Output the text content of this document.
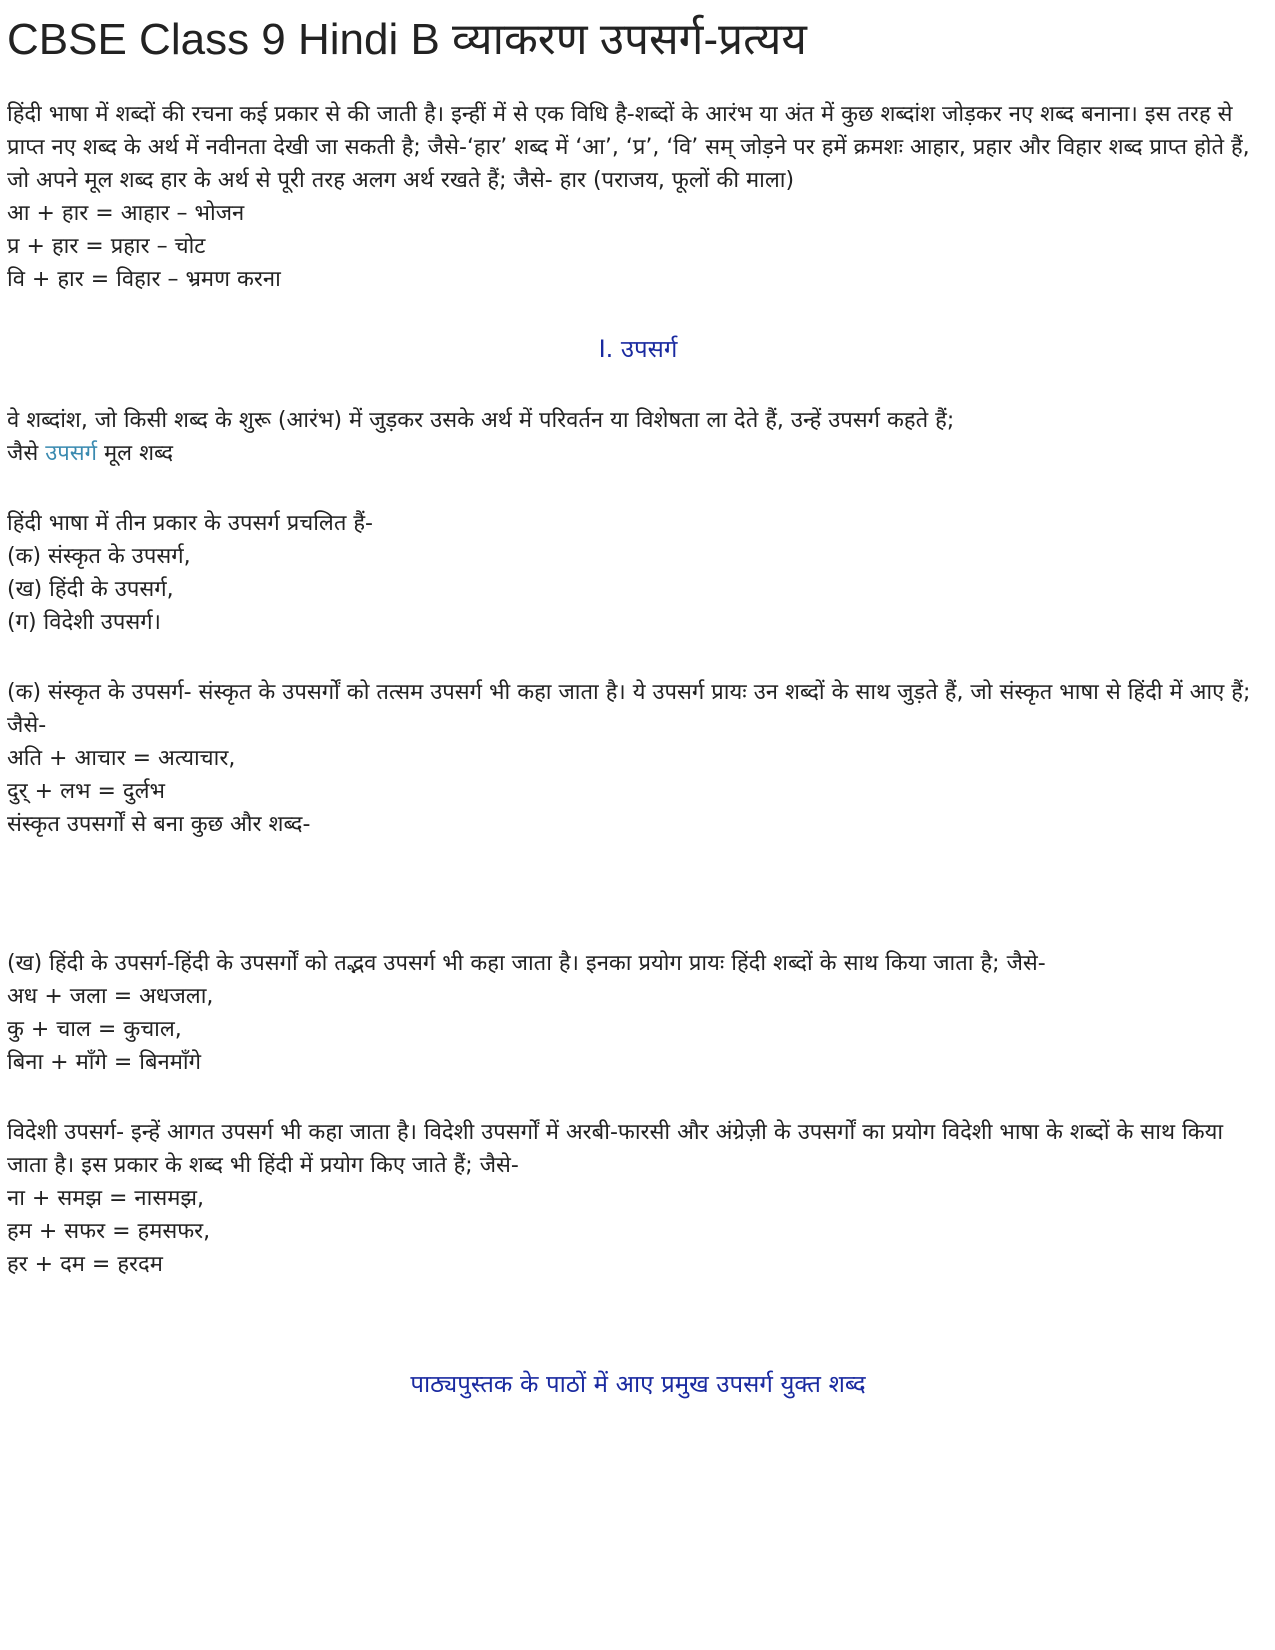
CBSE Class 9 Hindi B व्याकरण उपसर्ग-प्रत्यय

हिंदी भाषा में शब्दों की रचना कई प्रकार से की जाती है। इन्हीं में से एक विधि है-शब्दों के आरंभ या अंत में कुछ शब्दांश जोड़कर नए शब्द बनाना। इस तरह से प्राप्त नए शब्द के अर्थ में नवीनता देखी जा सकती है; जैसे-‘हार’ शब्द में ‘आ’, ‘प्र’, ‘वि’ सम् जोड़ने पर हमें क्रमशः आहार, प्रहार और विहार शब्द प्राप्त होते हैं, जो अपने मूल शब्द हार के अर्थ से पूरी तरह अलग अर्थ रखते हैं; जैसे- हार (पराजय, फूलों की माला)

आ + हार = आहार – भोजन
प्र + हार = प्रहार – चोट
वि + हार = विहार – भ्रमण करना
I. उपसर्ग

वे शब्दांश, जो किसी शब्द के शुरू (आरंभ) में जुड़कर उसके अर्थ में परिवर्तन या विशेषता ला देते हैं, उन्हें उपसर्ग कहते हैं;

जैसे उपसर्ग मूल शब्द
हिंदी भाषा में तीन प्रकार के उपसर्ग प्रचलित हैं-
(क) संस्कृत के उपसर्ग,
(ख) हिंदी के उपसर्ग,
(ग) विदेशी उपसर्ग।

(क) संस्कृत के उपसर्ग- संस्कृत के उपसर्गों को तत्सम उपसर्ग भी कहा जाता है। ये उपसर्ग प्रायः उन शब्दों के साथ जुड़ते हैं, जो संस्कृत भाषा से हिंदी में आए हैं; जैसे-

अति + आचार = अत्याचार,
दुर् + लभ = दुर्लभ
संस्कृत उपसर्गों से बना कुछ और शब्द-

(ख) हिंदी के उपसर्ग-हिंदी के उपसर्गों को तद्भव उपसर्ग भी कहा जाता है। इनका प्रयोग प्रायः हिंदी शब्दों के साथ किया जाता है; जैसे-

अध + जला = अधजला,
कु + चाल = कुचाल,
बिना + माँगे = बिनमाँगे

विदेशी उपसर्ग- इन्हें आगत उपसर्ग भी कहा जाता है। विदेशी उपसर्गों में अरबी-फारसी और अंग्रेज़ी के उपसर्गों का प्रयोग विदेशी भाषा के शब्दों के साथ किया जाता है। इस प्रकार के शब्द भी हिंदी में प्रयोग किए जाते हैं; जैसे-

ना + समझ = नासमझ,
हम + सफर = हमसफर,
हर + दम = हरदम
पाठ्यपुस्तक के पाठों में आए प्रमुख उपसर्ग युक्त शब्द
